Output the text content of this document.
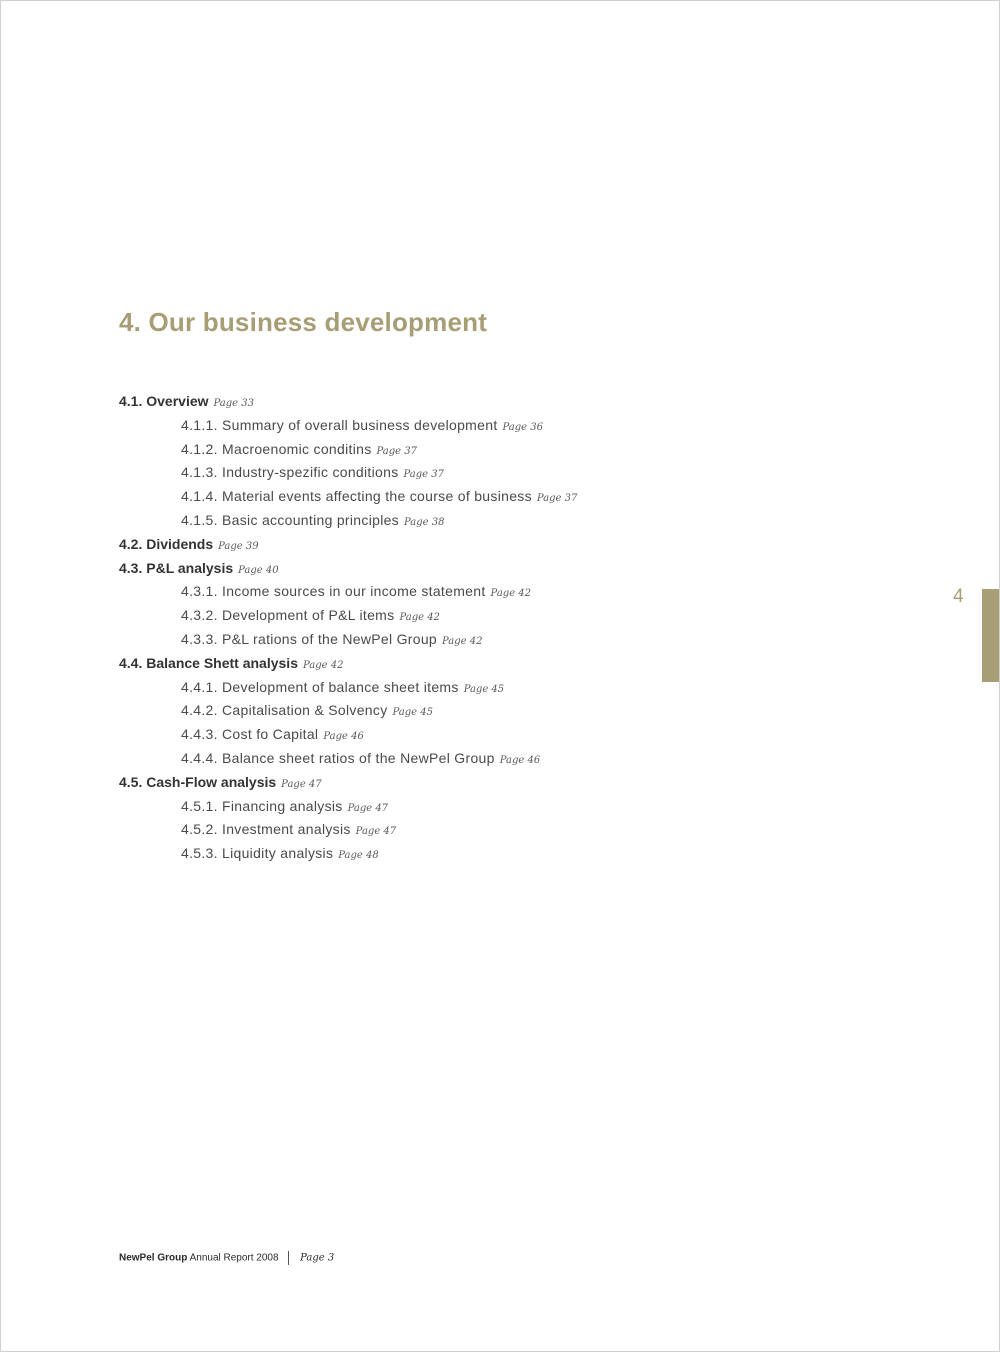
4. Our business development
4.1. Overview Page 33
4.1.1. Summary of overall business development Page 36
4.1.2. Macroenomic conditins Page 37
4.1.3. Industry-spezific conditions Page 37
4.1.4. Material events affecting the course of business Page 37
4.1.5. Basic accounting principles Page 38
4.2. Dividends Page 39
4.3. P&L analysis Page 40
4.3.1. Income sources in our income statement Page 42
4.3.2. Development of P&L items Page 42
4.3.3. P&L rations of the NewPel Group Page 42
4.4. Balance Shett analysis Page 42
4.4.1. Development of balance sheet items Page 45
4.4.2. Capitalisation & Solvency Page 45
4.4.3. Cost fo Capital Page 46
4.4.4. Balance sheet ratios of the NewPel Group Page 46
4.5. Cash-Flow analysis Page 47
4.5.1. Financing analysis Page 47
4.5.2. Investment analysis Page 47
4.5.3. Liquidity analysis Page 48
4
NewPel Group Annual Report 2008 Page 3
